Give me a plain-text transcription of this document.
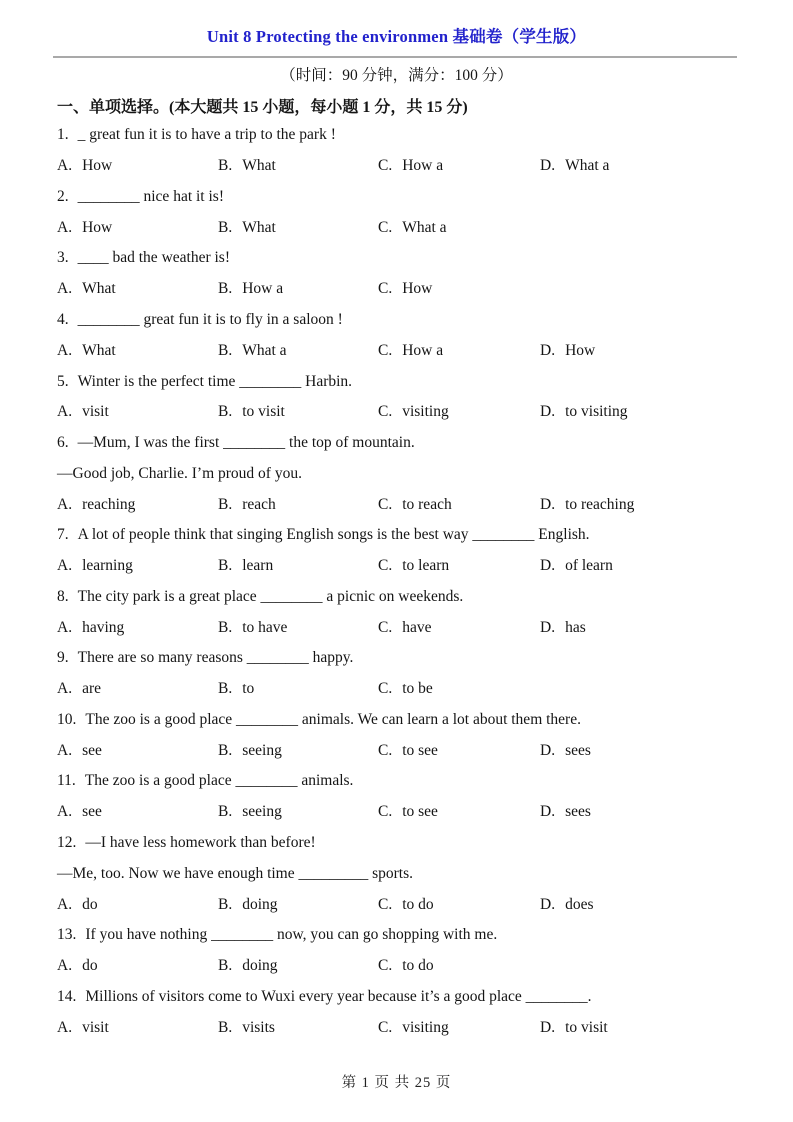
Unit 8 Protecting the environmen 基础卷（学生版）
（时间：90 分钟，满分：100 分）
一、单项选择。(本大题共 15 小题，每小题 1 分，共 15 分)
1. _ great fun it is to have a trip to the park !
A. How	B. What	C. How a	D. What a
2. ________ nice hat it is!
A. How	B. What	C. What a
3. ____ bad the weather is!
A. What	B. How a	C. How
4. ________ great fun it is to fly in a saloon !
A. What	B. What a	C. How a	D. How
5. Winter is the perfect time ________ Harbin.
A. visit	B. to visit	C. visiting	D. to visiting
6. —Mum, I was the first ________ the top of mountain.
—Good job, Charlie. I’m proud of you.
A. reaching	B. reach	C. to reach	D. to reaching
7. A lot of people think that singing English songs is the best way ________ English.
A. learning	B. learn	C. to learn	D. of learn
8. The city park is a great place ________ a picnic on weekends.
A. having	B. to have	C. have	D. has
9. There are so many reasons ________ happy.
A. are	B. to	C. to be
10. The zoo is a good place ________ animals. We can learn a lot about them there.
A. see	B. seeing	C. to see	D. sees
11. The zoo is a good place ________ animals.
A. see	B. seeing	C. to see	D. sees
12. —I have less homework than before!
—Me, too. Now we have enough time _________ sports.
A. do	B. doing	C. to do	D. does
13. If you have nothing ________ now, you can go shopping with me.
A. do	B. doing	C. to do
14. Millions of visitors come to Wuxi every year because it’s a good place ________.
A. visit	B. visits	C. visiting	D. to visit
第 1 页 共 25 页
